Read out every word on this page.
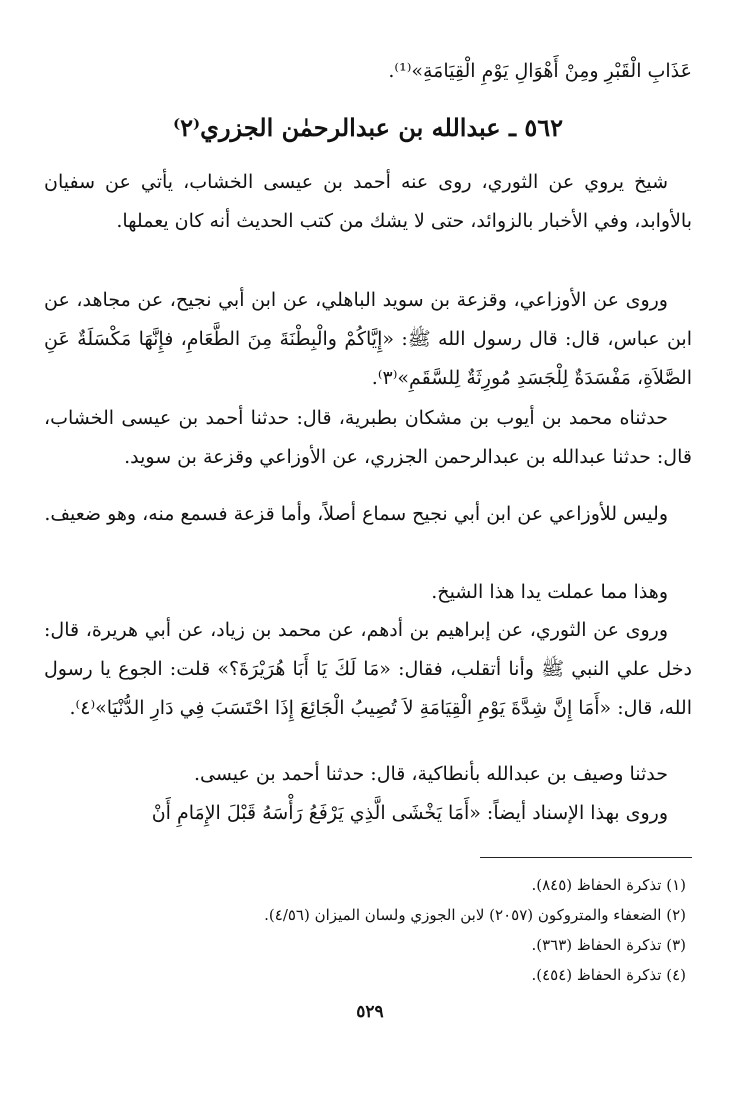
عَذَابِ الْقَبْرِ ومِنْ أَهْوَالِ يَوْمِ الْقِيَامَةِ»⁽¹⁾.

٥٦٢ ـ عبدالله بن عبدالرحمٰن الجزري⁽٢⁾

شيخ يروي عن الثوري، روى عنه أحمد بن عيسى الخشاب، يأتي عن سفيان بالأوابد، وفي الأخبار بالزوائد، حتى لا يشك من كتب الحديث أنه كان يعملها.

وروى عن الأوزاعي، وقزعة بن سويد الباهلي، عن ابن أبي نجيح، عن مجاهد، عن ابن عباس، قال: قال رسول الله ﷺ: «إِيَّاكُمْ والْبِطْنَةَ مِنَ الطَّعَامِ، فإِنَّهَا مَكْسَلَةٌ عَنِ الصَّلاَةِ، مَفْسَدَةٌ لِلْجَسَدِ مُورِثَةٌ لِلسَّقَمِ»⁽٣⁾.

حدثناه محمد بن أيوب بن مشكان بطبرية، قال: حدثنا أحمد بن عيسى الخشاب، قال: حدثنا عبدالله بن عبدالرحمن الجزري، عن الأوزاعي وقزعة بن سويد.

وليس للأوزاعي عن ابن أبي نجيح سماع أصلاً، وأما قزعة فسمع منه، وهو ضعيف.

وهذا مما عملت يدا هذا الشيخ.

وروى عن الثوري، عن إبراهيم بن أدهم، عن محمد بن زياد، عن أبي هريرة، قال: دخل علي النبي ﷺ وأنا أتقلب، فقال: «مَا لَكَ يَا أَبَا هُرَيْرَةَ؟» قلت: الجوع يا رسول الله، قال: «أَمَا إِنَّ شِدَّةَ يَوْمِ الْقِيَامَةِ لاَ تُصِيبُ الْجَائِعَ إِذَا احْتَسَبَ فِي دَارِ الدُّنْيَا»⁽٤⁾.

حدثنا وصيف بن عبدالله بأنطاكية، قال: حدثنا أحمد بن عيسى.

وروى بهذا الإسناد أيضاً: «أَمَا يَخْشَى الَّذِي يَرْفَعُ رَأْسَهُ قَبْلَ الإِمَامِ أَنْ

(١) تذكرة الحفاظ (٨٤٥).
(٢) الضعفاء والمتروكون (٢٠٥٧) لابن الجوزي ولسان الميزان (٤/٥٦).
(٣) تذكرة الحفاظ (٣٦٣).
(٤) تذكرة الحفاظ (٤٥٤).
٥٢٩
